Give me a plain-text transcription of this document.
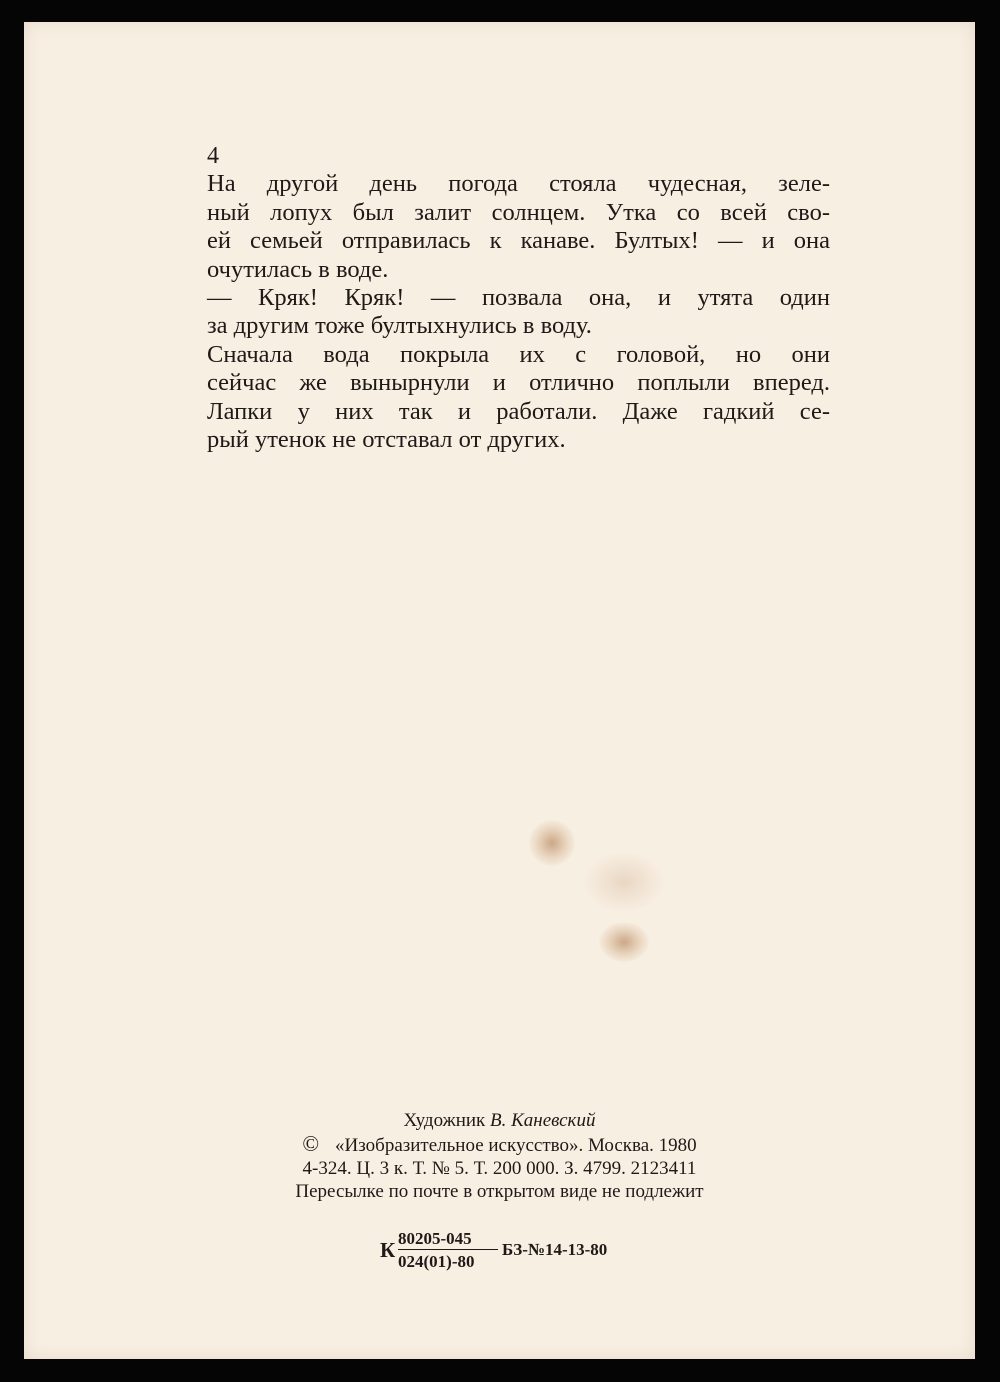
4

На другой день погода стояла чудесная, зеле-
ный лопух был залит солнцем. Утка со всей сво-
ей семьей отправилась к канаве. Бултых! — и она
очутилась в воде.

— Кряк! Кряк! — позвала она, и утята один
за другим тоже бултыхнулись в воду.

Сначала вода покрыла их с головой, но они
сейчас же вынырнули и отлично поплыли вперед.
Лапки у них так и работали. Даже гадкий се-
рый утенок не отставал от других.

Художник В. Каневский
© «Изобразительное искусство». Москва. 1980
4-324. Ц. 3 к. Т. № 5. Т. 200 000. З. 4799. 2123411
Пересылке по почте в открытом виде не подлежит
К 80205-045
024(01)-80
БЗ-№14-13-80
